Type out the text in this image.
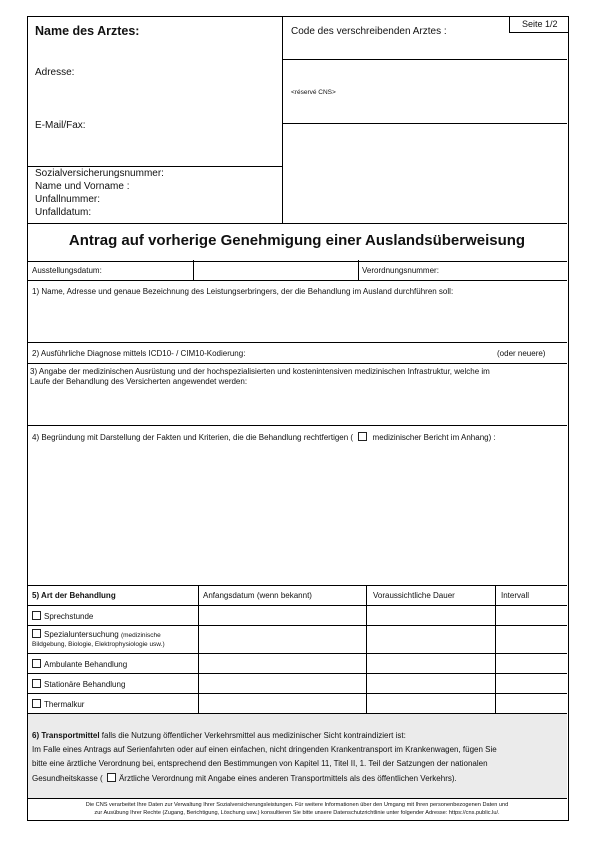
Name des Arztes:
Adresse:
E-Mail/Fax:
Code des verschreibenden Arztes :
Seite 1/2
<réservé CNS>
Sozialversicherungsnummer:
Name und Vorname :
Unfallnummer:
Unfalldatum:
Antrag auf vorherige Genehmigung einer Auslandsüberweisung
Ausstellungsdatum:	Verordnungsnummer:
1) Name, Adresse und genaue Bezeichnung des Leistungserbringers, der die Behandlung im Ausland durchführen soll:
2) Ausführliche Diagnose mittels ICD10- / CIM10-Kodierung:	(oder neuere)
3) Angabe der medizinischen Ausrüstung und der hochspezialisierten und kostenintensiven medizinischen Infrastruktur, welche im
Laufe der Behandlung des Versicherten angewendet werden:
4) Begründung mit Darstellung der Fakten und Kriterien, die die Behandlung rechtfertigen ( medizinischer Bericht im Anhang) :
5) Art der Behandlung	Anfangsdatum (wenn bekannt)	Voraussichtliche Dauer	Intervall
Sprechstunde
Spezialuntersuchung (medizinische
Bildgebung, Biologie, Elektrophysiologie usw.)
Ambulante Behandlung
Stationäre Behandlung
Thermalkur
6) Transportmittel falls die Nutzung öffentlicher Verkehrsmittel aus medizinischer Sicht kontraindiziert ist:
Im Falle eines Antrags auf Serienfahrten oder auf einen einfachen, nicht dringenden Krankentransport im Krankenwagen, fügen Sie
bitte eine ärztliche Verordnung bei, entsprechend den Bestimmungen von Kapitel 11, Titel II, 1. Teil der Satzungen der nationalen
Gesundheitskasse ( Ärztliche Verordnung mit Angabe eines anderen Transportmittels als des öffentlichen Verkehrs).
Die CNS verarbeitet Ihre Daten zur Verwaltung Ihrer Sozialversicherungsleistungen. Für weitere Informationen über den Umgang mit Ihren personenbezogenen Daten und
zur Ausübung Ihrer Rechte (Zugang, Berichtigung, Löschung usw.) konsultieren Sie bitte unsere Datenschutzrichtlinie unter folgender Adresse: https://cns.public.lu/.
